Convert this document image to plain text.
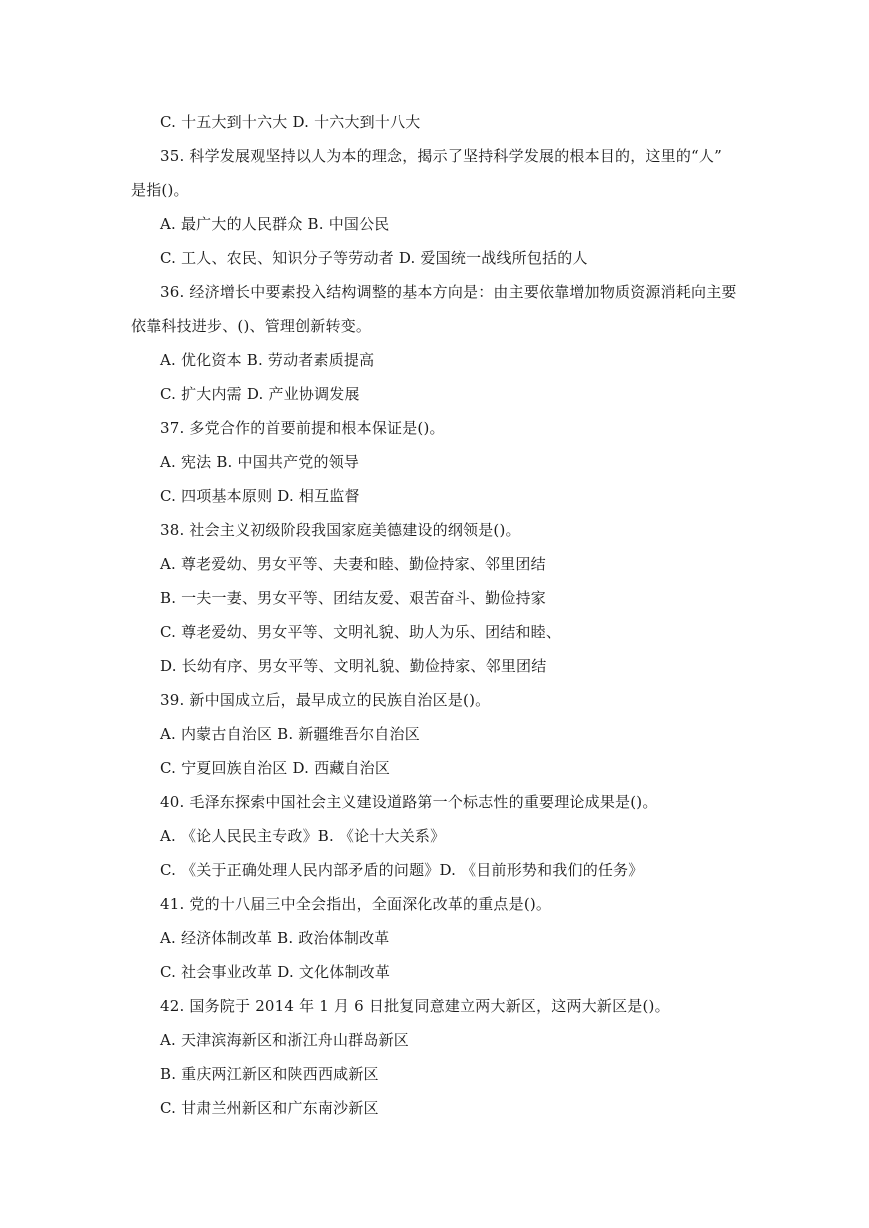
C. 十五大到十六大 D. 十六大到十八大
35. 科学发展观坚持以人为本的理念，揭示了坚持科学发展的根本目的，这里的“人”
是指()。
A. 最广大的人民群众 B. 中国公民
C. 工人、农民、知识分子等劳动者 D. 爱国统一战线所包括的人
36. 经济增长中要素投入结构调整的基本方向是：由主要依靠增加物质资源消耗向主要
依靠科技进步、()、管理创新转变。
A. 优化资本 B. 劳动者素质提高
C. 扩大内需 D. 产业协调发展
37. 多党合作的首要前提和根本保证是()。
A. 宪法 B. 中国共产党的领导
C. 四项基本原则 D. 相互监督
38. 社会主义初级阶段我国家庭美德建设的纲领是()。
A. 尊老爱幼、男女平等、夫妻和睦、勤俭持家、邻里团结
B. 一夫一妻、男女平等、团结友爱、艰苦奋斗、勤俭持家
C. 尊老爱幼、男女平等、文明礼貌、助人为乐、团结和睦、
D. 长幼有序、男女平等、文明礼貌、勤俭持家、邻里团结
39. 新中国成立后，最早成立的民族自治区是()。
A. 内蒙古自治区 B. 新疆维吾尔自治区
C. 宁夏回族自治区 D. 西藏自治区
40. 毛泽东探索中国社会主义建设道路第一个标志性的重要理论成果是()。
A. 《论人民民主专政》B. 《论十大关系》
C. 《关于正确处理人民内部矛盾的问题》D. 《目前形势和我们的任务》
41. 党的十八届三中全会指出，全面深化改革的重点是()。
A. 经济体制改革 B. 政治体制改革
C. 社会事业改革 D. 文化体制改革
42. 国务院于 2014 年 1 月 6 日批复同意建立两大新区，这两大新区是()。
A. 天津滨海新区和浙江舟山群岛新区
B. 重庆两江新区和陕西西咸新区
C. 甘肃兰州新区和广东南沙新区
